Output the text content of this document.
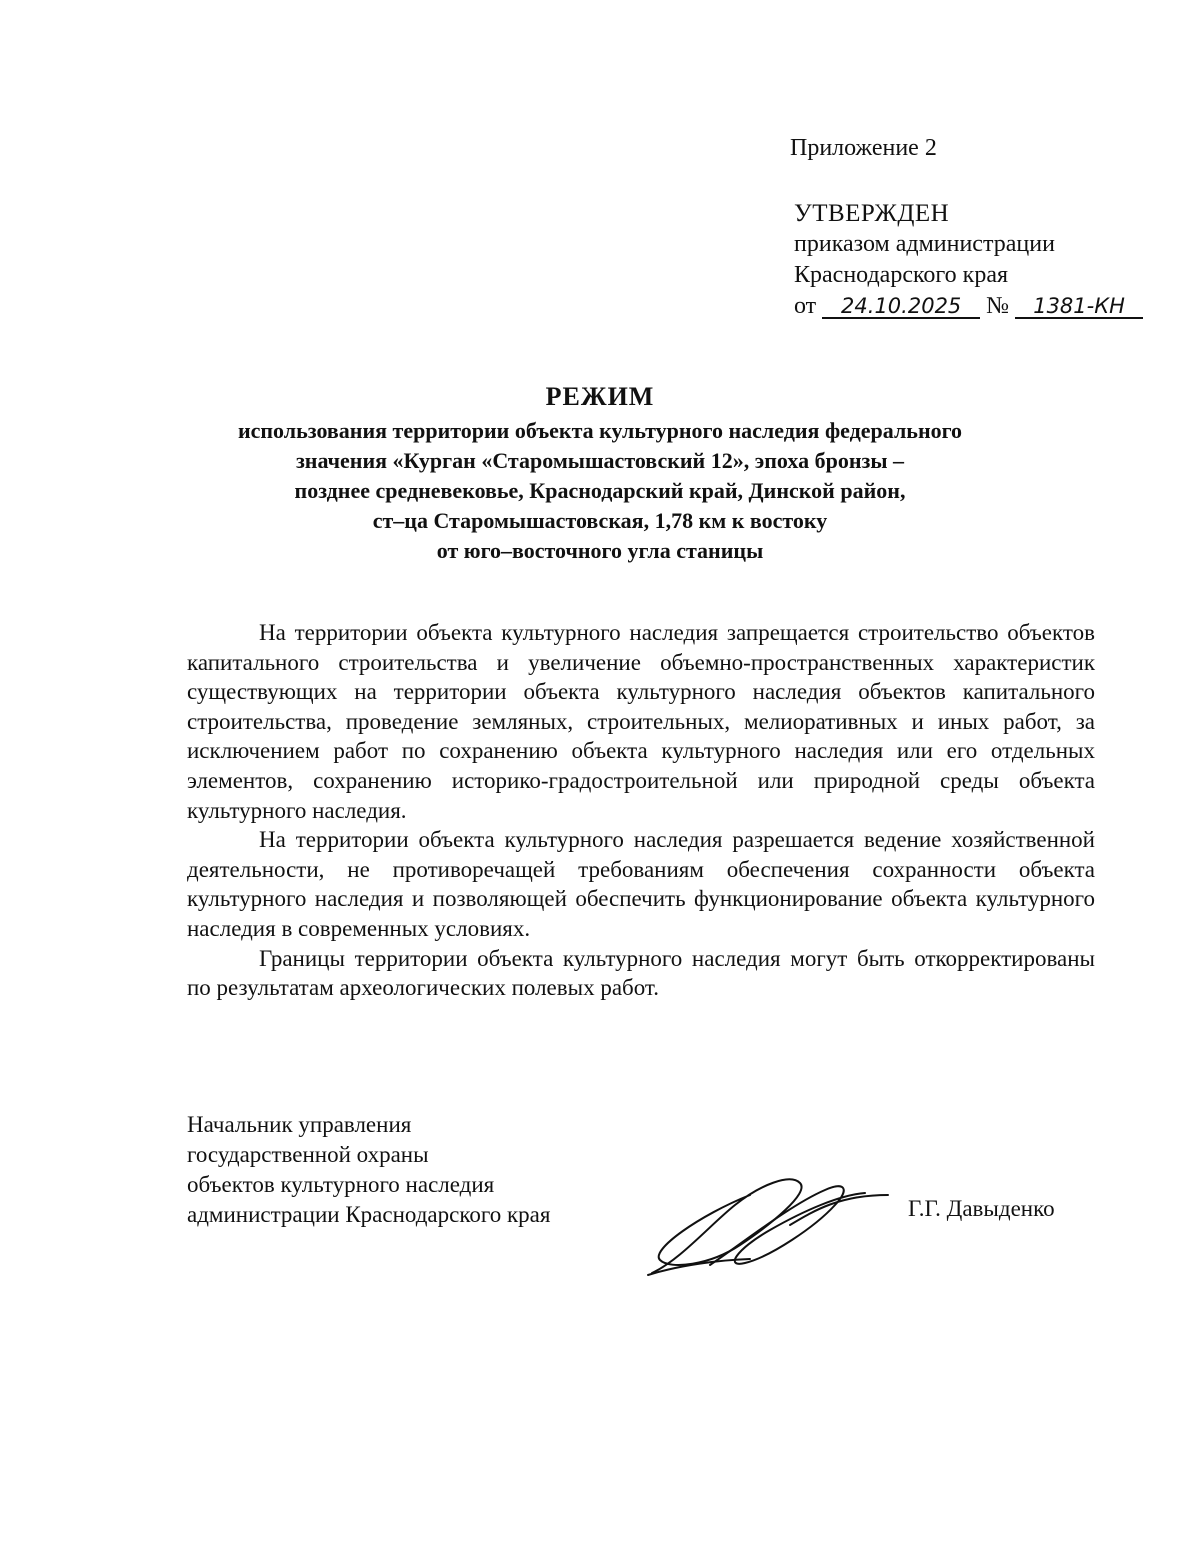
Приложение 2
УТВЕРЖДЕН
приказом администрации
Краснодарского края
от 24.10.2025 № 1381-КН
РЕЖИМ
использования территории объекта культурного наследия федерального
значения «Курган «Старомышастовский 12», эпоха бронзы –
позднее средневековье, Краснодарский край, Динской район,
ст–ца Старомышастовская, 1,78 км к востоку
от юго–восточного угла станицы

На территории объекта культурного наследия запрещается строительство объектов капитального строительства и увеличение объемно-пространственных характеристик существующих на территории объекта культурного наследия объектов капитального строительства, проведение земляных, строительных, мелиоративных и иных работ, за исключением работ по сохранению объекта культурного наследия или его отдельных элементов, сохранению историко-градостроительной или природной среды объекта культурного наследия.

На территории объекта культурного наследия разрешается ведение хозяйственной деятельности, не противоречащей требованиям обеспечения сохранности объекта культурного наследия и позволяющей обеспечить функционирование объекта культурного наследия в современных условиях.

Границы территории объекта культурного наследия могут быть откорректированы по результатам археологических полевых работ.

Начальник управления
государственной охраны
объектов культурного наследия
администрации Краснодарского края	Г.Г. Давыденко
